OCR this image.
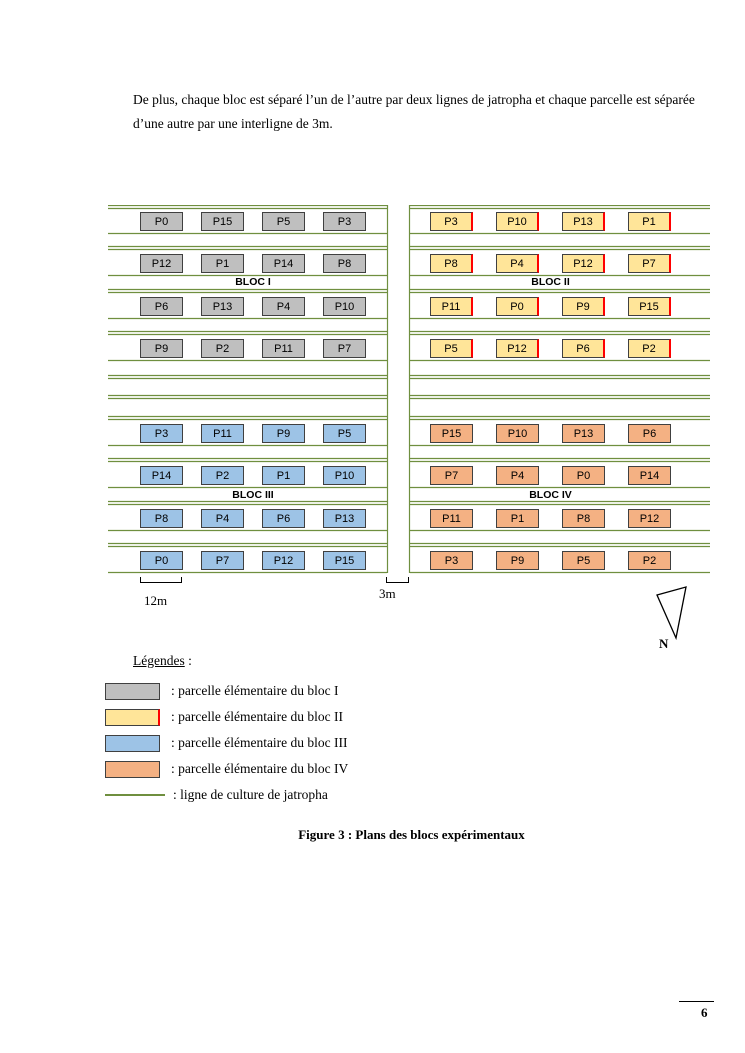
De plus, chaque bloc est séparé l’un de l’autre par deux lignes de jatropha et chaque parcelle est séparée d’une autre par une interligne de 3m.

P0	P15	P5	P3	P3	P10	P13	P1
P12	P1	P14	P8	P8	P4	P12	P7
BLOC I	BLOC II
P6	P13	P4	P10	P11	P0	P9	P15
P9	P2	P11	P7	P5	P12	P6	P2
P3	P11	P9	P5	P15	P10	P13	P6
P14	P2	P1	P10	P7	P4	P0	P14
BLOC III	BLOC IV
P8	P4	P6	P13	P11	P1	P8	P12
P0	P7	P12	P15	P3	P9	P5	P2
12m	3m
N
Légendes :
: parcelle élémentaire du bloc I
: parcelle élémentaire du bloc II
: parcelle élémentaire du bloc III
: parcelle élémentaire du bloc IV
: ligne de culture de jatropha
Figure 3 : Plans des blocs expérimentaux
6
